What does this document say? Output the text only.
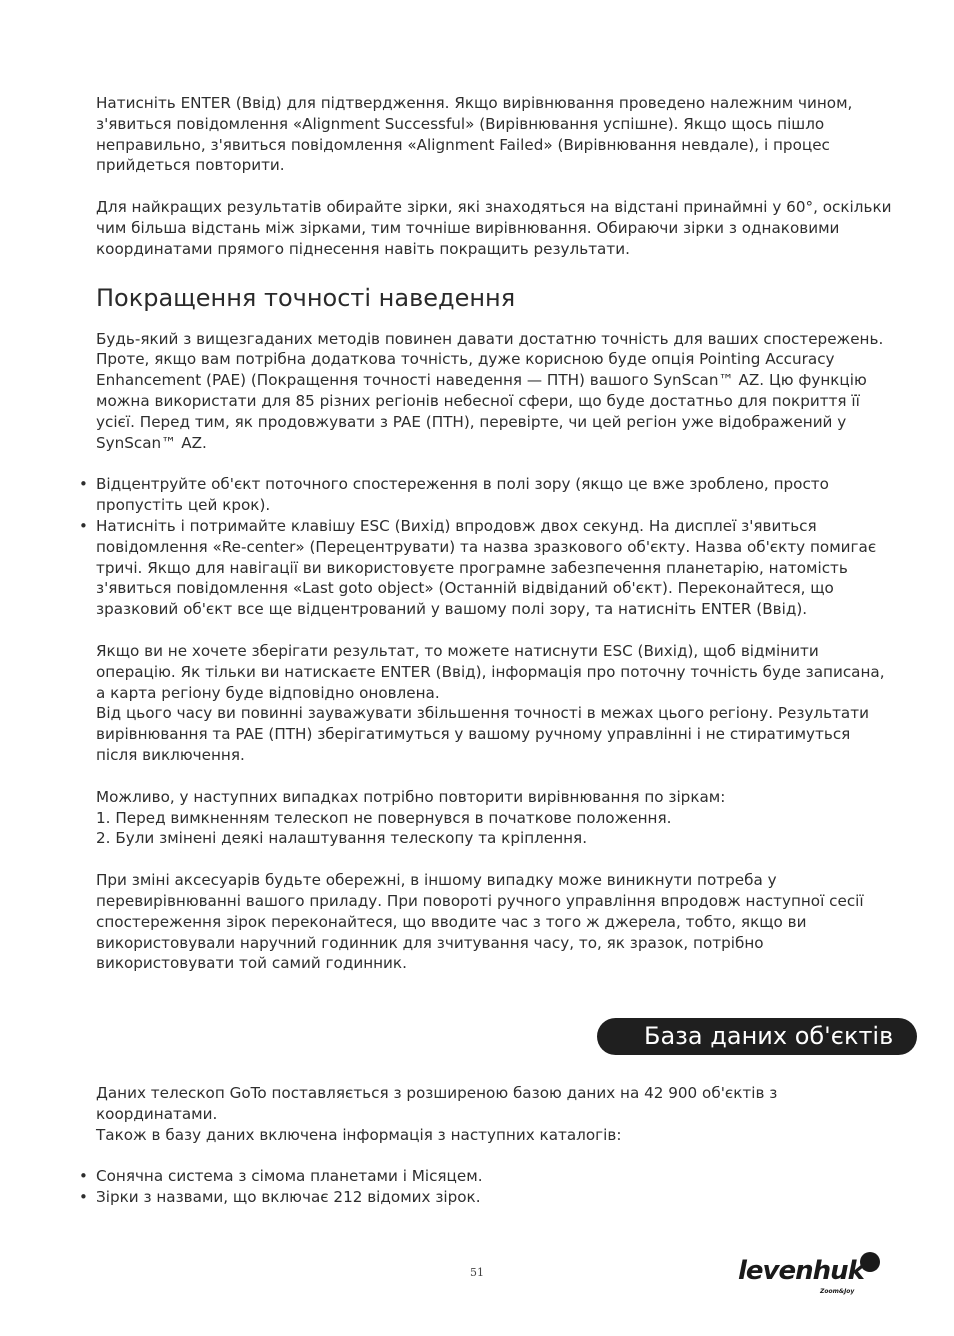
Натисніть ENTER (Ввід) для підтвердження. Якщо вирівнювання проведено належним чином, з'явиться повідомлення «Alignment Successful» (Вирівнювання успішне). Якщо щось пішло неправильно, з'явиться повідомлення «Alignment Failed» (Вирівнювання невдале), і процес прийдеться повторити.

Для найкращих результатів обирайте зірки, які знаходяться на відстані принаймні у 60°, оскільки чим більша відстань між зірками, тим точніше вирівнювання. Обираючи зірки з однаковими координатами прямого піднесення навіть покращить результати.

Покращення точності наведення

Будь-який з вищезгаданих методів повинен давати достатню точність для ваших спостережень. Проте, якщо вам потрібна додаткова точність, дуже корисною буде опція Pointing Accuracy Enhancement (PAE) (Покращення точності наведення — ПТН) вашого SynScan™ AZ. Цю функцію можна використати для 85 різних регіонів небесної сфери, що буде достатньо для покриття її усієї. Перед тим, як продовжувати з PAE (ПТН), перевірте, чи цей регіон уже відображений у SynScan™ AZ.

• Відцентруйте об'єкт поточного спостереження в полі зору (якщо це вже зроблено, просто пропустіть цей крок).
• Натисніть і потримайте клавішу ESC (Вихід) впродовж двох секунд. На дисплеї з'явиться повідомлення «Re-center» (Перецентрувати) та назва зразкового об'єкту. Назва об'єкту помигає тричі. Якщо для навігації ви використовуєте програмне забезпечення планетарію, натомість з'явиться повідомлення «Last goto object» (Останній відвіданий об'єкт). Переконайтеся, що зразковий об'єкт все ще відцентрований у вашому полі зору, та натисніть ENTER (Ввід).

Якщо ви не хочете зберігати результат, то можете натиснути ESC (Вихід), щоб відмінити операцію. Як тільки ви натискаєте ENTER (Ввід), інформація про поточну точність буде записана, а карта регіону буде відповідно оновлена.

Від цього часу ви повинні зауважувати збільшення точності в межах цього регіону. Результати вирівнювання та PAE (ПТН) зберігатимуться у вашому ручному управлінні і не стиратимуться після виключення.

Можливо, у наступних випадках потрібно повторити вирівнювання по зіркам:

1. Перед вимкненням телескоп не повернувся в початкове положення.

2. Були змінені деякі налаштування телескопу та кріплення.

При зміні аксесуарів будьте обережні, в іншому випадку може виникнути потреба у перевирівнюванні вашого приладу. При повороті ручного управління впродовж наступної сесії спостереження зірок переконайтеся, що вводите час з того ж джерела, тобто, якщо ви використовували наручний годинник для зчитування часу, то, як зразок, потрібно використовувати той самий годинник.

База даних об'єктів

Даних телескоп GoTo поставляється з розширеною базою даних на 42 900 об'єктів з координатами.

Також в базу даних включена інформація з наступних каталогів:

• Сонячна система з сімома планетами і Місяцем.
• Зірки з назвами, що включає 212 відомих зірок.
51	levenhuk
Zoom&Joy
